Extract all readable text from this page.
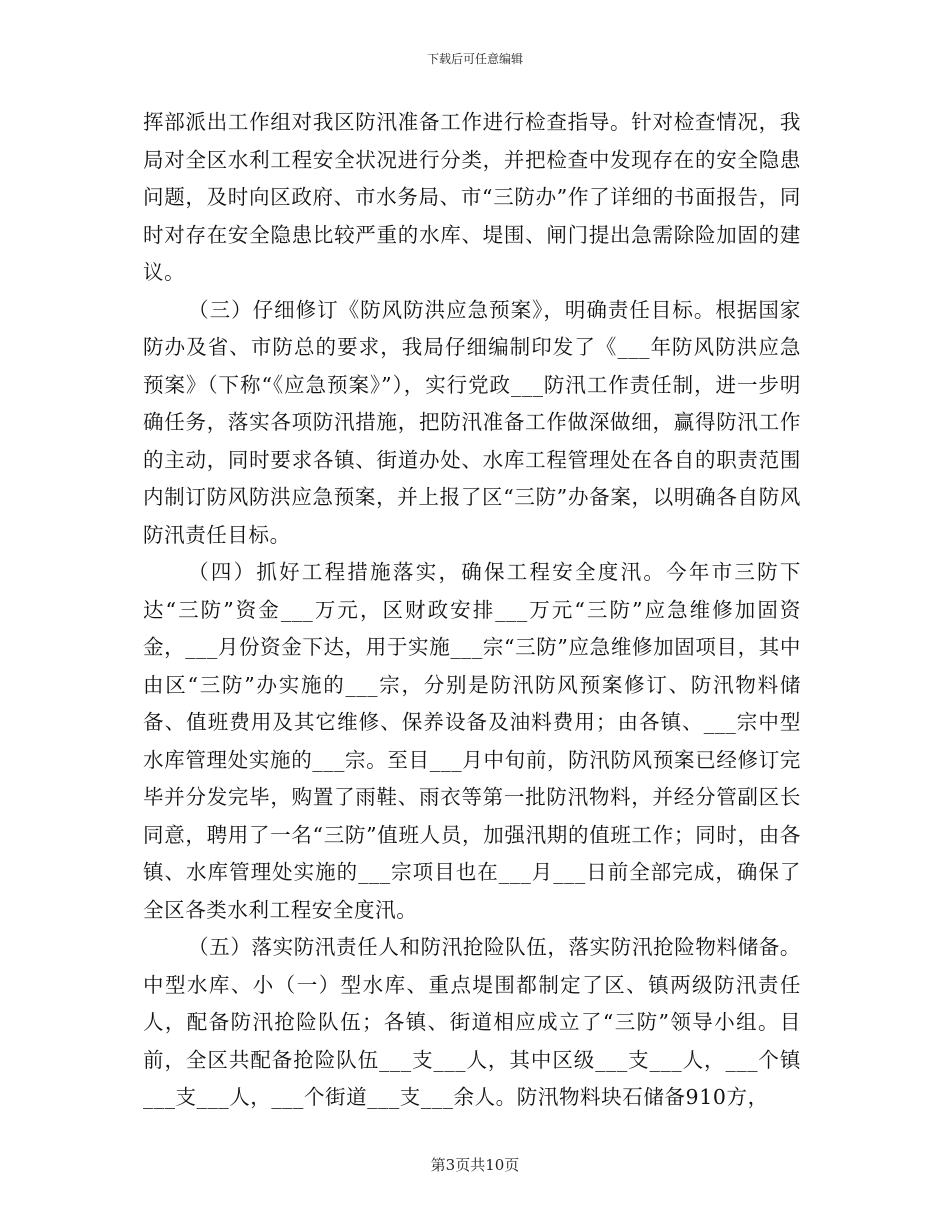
下载后可任意编辑

挥部派出工作组对我区防汛准备工作进行检查指导。针对检查情况，我局对全区水利工程安全状况进行分类，并把检查中发现存在的安全隐患问题，及时向区政府、市水务局、市“三防办”作了详细的书面报告，同时对存在安全隐患比较严重的水库、堤围、闸门提出急需除险加固的建议。

（三）仔细修订《防风防洪应急预案》，明确责任目标。根据国家防办及省、市防总的要求，我局仔细编制印发了《___年防风防洪应急预案》（下称“《应急预案》”），实行党政___防汛工作责任制，进一步明确任务，落实各项防汛措施，把防汛准备工作做深做细，赢得防汛工作的主动，同时要求各镇、街道办处、水库工程管理处在各自的职责范围内制订防风防洪应急预案，并上报了区“三防”办备案，以明确各自防风防汛责任目标。

（四）抓好工程措施落实，确保工程安全度汛。今年市三防下达“三防”资金___万元，区财政安排___万元“三防”应急维修加固资金，___月份资金下达，用于实施___宗“三防”应急维修加固项目，其中由区“三防”办实施的___宗，分别是防汛防风预案修订、防汛物料储备、值班费用及其它维修、保养设备及油料费用；由各镇、___宗中型水库管理处实施的___宗。至目___月中旬前，防汛防风预案已经修订完毕并分发完毕，购置了雨鞋、雨衣等第一批防汛物料，并经分管副区长同意，聘用了一名“三防”值班人员，加强汛期的值班工作；同时，由各镇、水库管理处实施的___宗项目也在___月___日前全部完成，确保了全区各类水利工程安全度汛。

（五）落实防汛责任人和防汛抢险队伍，落实防汛抢险物料储备。中型水库、小（一）型水库、重点堤围都制定了区、镇两级防汛责任人，配备防汛抢险队伍；各镇、街道相应成立了“三防”领导小组。目前，全区共配备抢险队伍___支___人，其中区级___支___人，___个镇___支___人，___个街道___支___余人。防汛物料块石储备910方，

第3页共10页
